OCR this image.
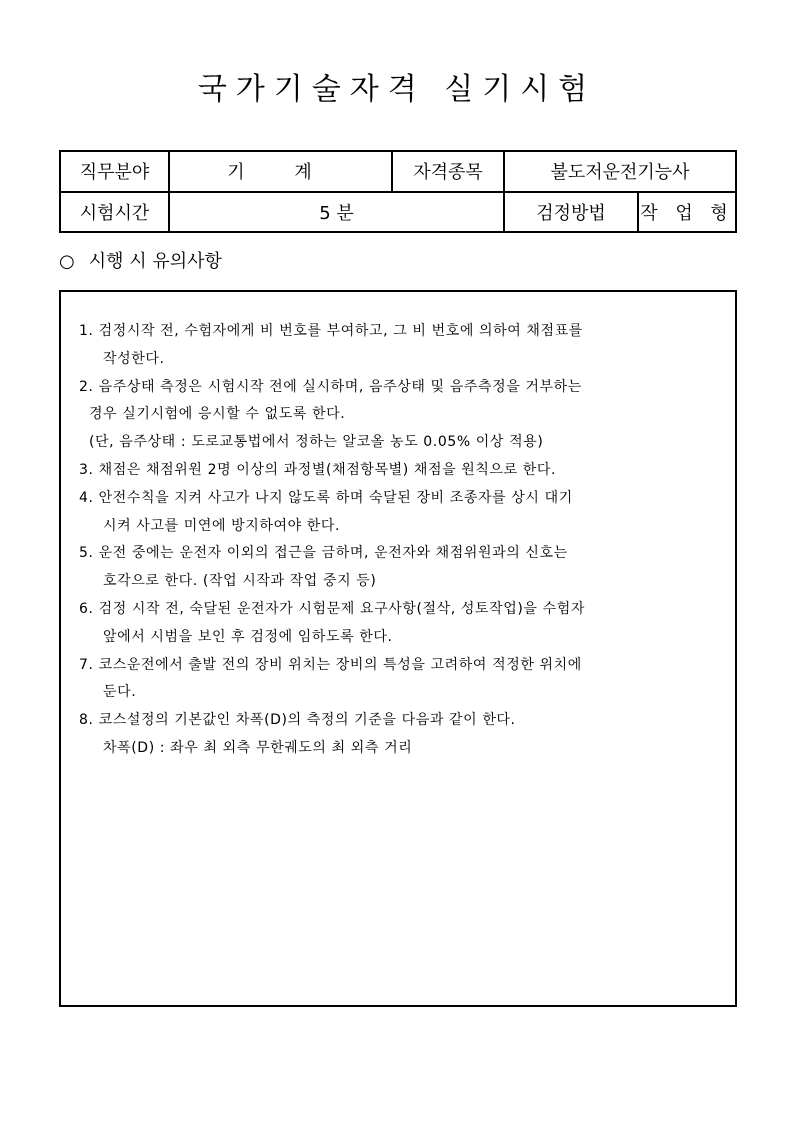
국가기술자격 실기시험
직무분야	기 계	자격종목	불도저운전기능사	
시험시간	5 분		검정방법	작 업 형
○ 시행 시 유의사항
1. 검정시작 전, 수험자에게 비 번호를 부여하고, 그 비 번호에 의하여 채점표를
작성한다.
2. 음주상태 측정은 시험시작 전에 실시하며, 음주상태 및 음주측정을 거부하는
경우 실기시험에 응시할 수 없도록 한다.
(단, 음주상태 : 도로교통법에서 정하는 알코올 농도 0.05% 이상 적용)
3. 채점은 채점위원 2명 이상의 과정별(채점항목별) 채점을 원칙으로 한다.
4. 안전수칙을 지켜 사고가 나지 않도록 하며 숙달된 장비 조종자를 상시 대기
시켜 사고를 미연에 방지하여야 한다.
5. 운전 중에는 운전자 이외의 접근을 금하며, 운전자와 채점위원과의 신호는
호각으로 한다. (작업 시작과 작업 중지 등)
6. 검정 시작 전, 숙달된 운전자가 시험문제 요구사항(절삭, 성토작업)을 수험자
앞에서 시범을 보인 후 검정에 임하도록 한다.
7. 코스운전에서 출발 전의 장비 위치는 장비의 특성을 고려하여 적정한 위치에
둔다.
8. 코스설정의 기본값인 차폭(D)의 측정의 기준을 다음과 같이 한다.
차폭(D) : 좌우 최 외측 무한궤도의 최 외측 거리
